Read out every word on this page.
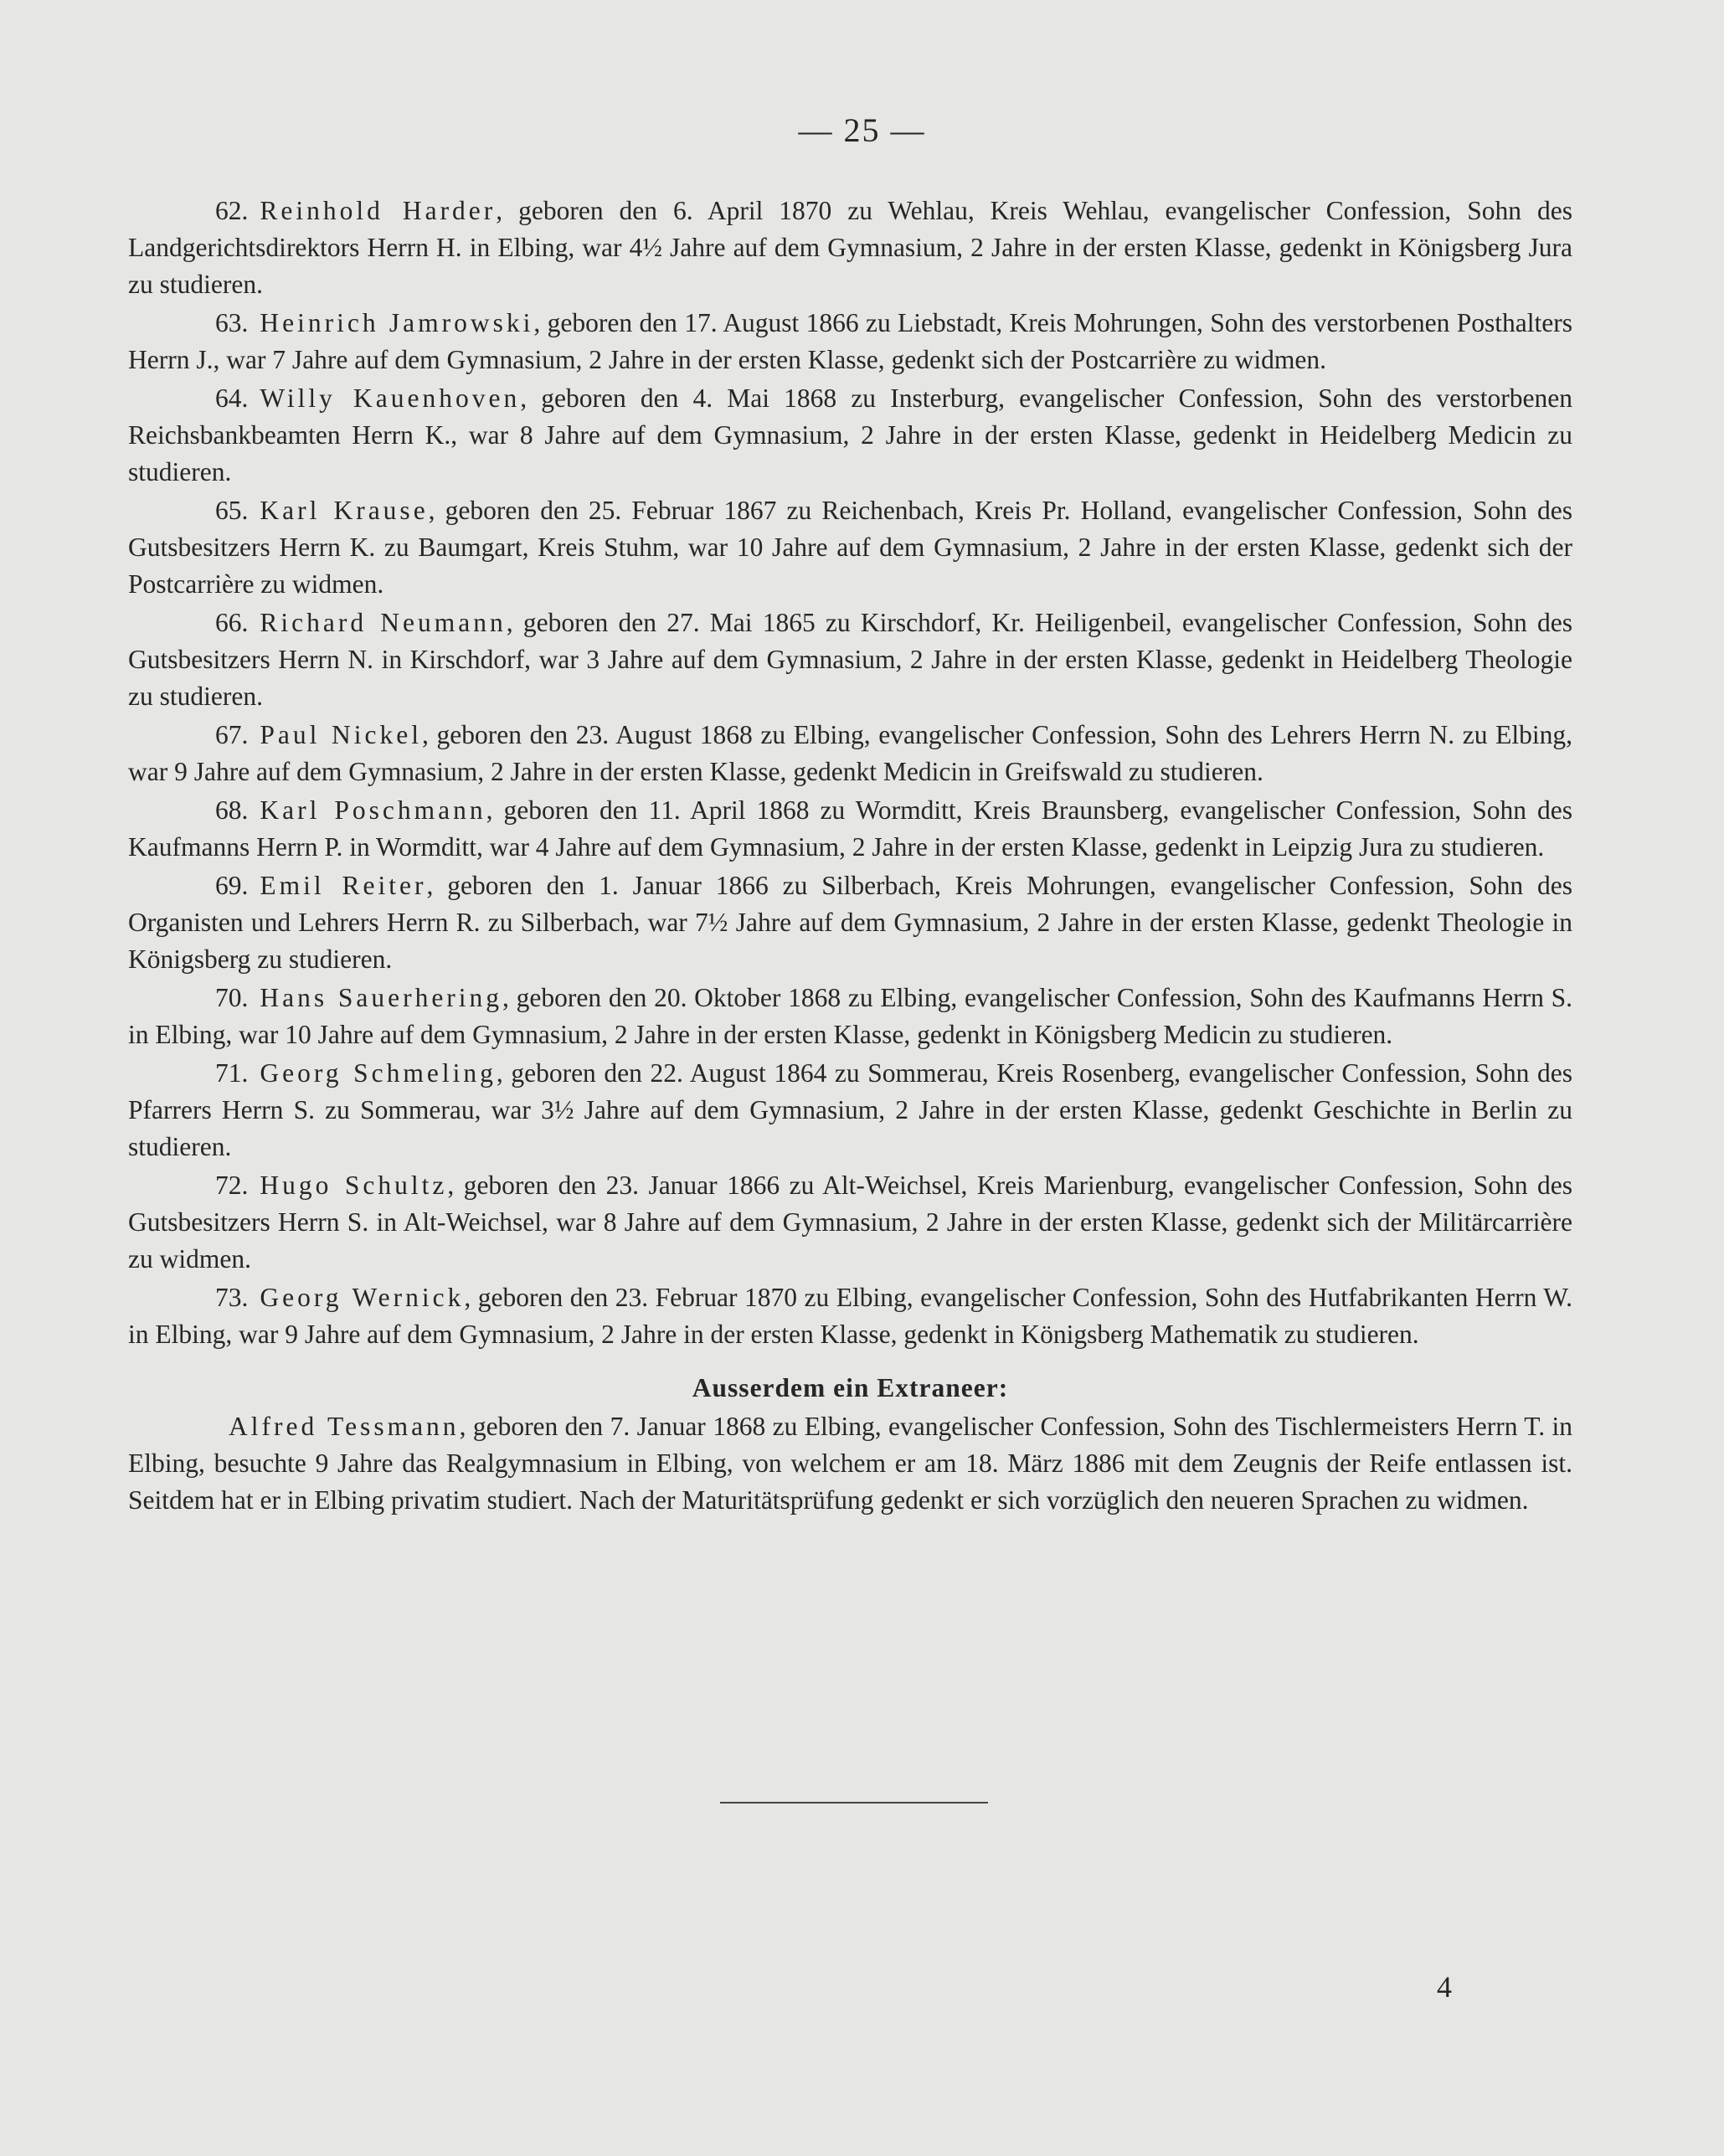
— 25 —

62. Reinhold Harder, geboren den 6. April 1870 zu Wehlau, Kreis Wehlau, evangelischer Confession, Sohn des Landgerichtsdirektors Herrn H. in Elbing, war 4½ Jahre auf dem Gymnasium, 2 Jahre in der ersten Klasse, gedenkt in Königsberg Jura zu studieren.

63. Heinrich Jamrowski, geboren den 17. August 1866 zu Liebstadt, Kreis Mohrungen, Sohn des verstorbenen Posthalters Herrn J., war 7 Jahre auf dem Gymnasium, 2 Jahre in der ersten Klasse, gedenkt sich der Postcarrière zu widmen.

64. Willy Kauenhoven, geboren den 4. Mai 1868 zu Insterburg, evangelischer Confession, Sohn des verstorbenen Reichsbankbeamten Herrn K., war 8 Jahre auf dem Gymnasium, 2 Jahre in der ersten Klasse, gedenkt in Heidelberg Medicin zu studieren.

65. Karl Krause, geboren den 25. Februar 1867 zu Reichenbach, Kreis Pr. Holland, evangelischer Confession, Sohn des Gutsbesitzers Herrn K. zu Baumgart, Kreis Stuhm, war 10 Jahre auf dem Gymnasium, 2 Jahre in der ersten Klasse, gedenkt sich der Postcarrière zu widmen.

66. Richard Neumann, geboren den 27. Mai 1865 zu Kirschdorf, Kr. Heiligenbeil, evangelischer Confession, Sohn des Gutsbesitzers Herrn N. in Kirschdorf, war 3 Jahre auf dem Gymnasium, 2 Jahre in der ersten Klasse, gedenkt in Heidelberg Theologie zu studieren.

67. Paul Nickel, geboren den 23. August 1868 zu Elbing, evangelischer Confession, Sohn des Lehrers Herrn N. zu Elbing, war 9 Jahre auf dem Gymnasium, 2 Jahre in der ersten Klasse, gedenkt Medicin in Greifswald zu studieren.

68. Karl Poschmann, geboren den 11. April 1868 zu Wormditt, Kreis Braunsberg, evangelischer Confession, Sohn des Kaufmanns Herrn P. in Wormditt, war 4 Jahre auf dem Gymnasium, 2 Jahre in der ersten Klasse, gedenkt in Leipzig Jura zu studieren.

69. Emil Reiter, geboren den 1. Januar 1866 zu Silberbach, Kreis Mohrungen, evangelischer Confession, Sohn des Organisten und Lehrers Herrn R. zu Silberbach, war 7½ Jahre auf dem Gymnasium, 2 Jahre in der ersten Klasse, gedenkt Theologie in Königsberg zu studieren.

70. Hans Sauerhering, geboren den 20. Oktober 1868 zu Elbing, evangelischer Confession, Sohn des Kaufmanns Herrn S. in Elbing, war 10 Jahre auf dem Gymnasium, 2 Jahre in der ersten Klasse, gedenkt in Königsberg Medicin zu studieren.

71. Georg Schmeling, geboren den 22. August 1864 zu Sommerau, Kreis Rosenberg, evangelischer Confession, Sohn des Pfarrers Herrn S. zu Sommerau, war 3½ Jahre auf dem Gymnasium, 2 Jahre in der ersten Klasse, gedenkt Geschichte in Berlin zu studieren.

72. Hugo Schultz, geboren den 23. Januar 1866 zu Alt-Weichsel, Kreis Marienburg, evangelischer Confession, Sohn des Gutsbesitzers Herrn S. in Alt-Weichsel, war 8 Jahre auf dem Gymnasium, 2 Jahre in der ersten Klasse, gedenkt sich der Militärcarrière zu widmen.

73. Georg Wernick, geboren den 23. Februar 1870 zu Elbing, evangelischer Confession, Sohn des Hutfabrikanten Herrn W. in Elbing, war 9 Jahre auf dem Gymnasium, 2 Jahre in der ersten Klasse, gedenkt in Königsberg Mathematik zu studieren.

Ausserdem ein Extraneer:

Alfred Tessmann, geboren den 7. Januar 1868 zu Elbing, evangelischer Confession, Sohn des Tischlermeisters Herrn T. in Elbing, besuchte 9 Jahre das Realgymnasium in Elbing, von welchem er am 18. März 1886 mit dem Zeugnis der Reife entlassen ist. Seitdem hat er in Elbing privatim studiert. Nach der Maturitätsprüfung gedenkt er sich vorzüglich den neueren Sprachen zu widmen.

4
